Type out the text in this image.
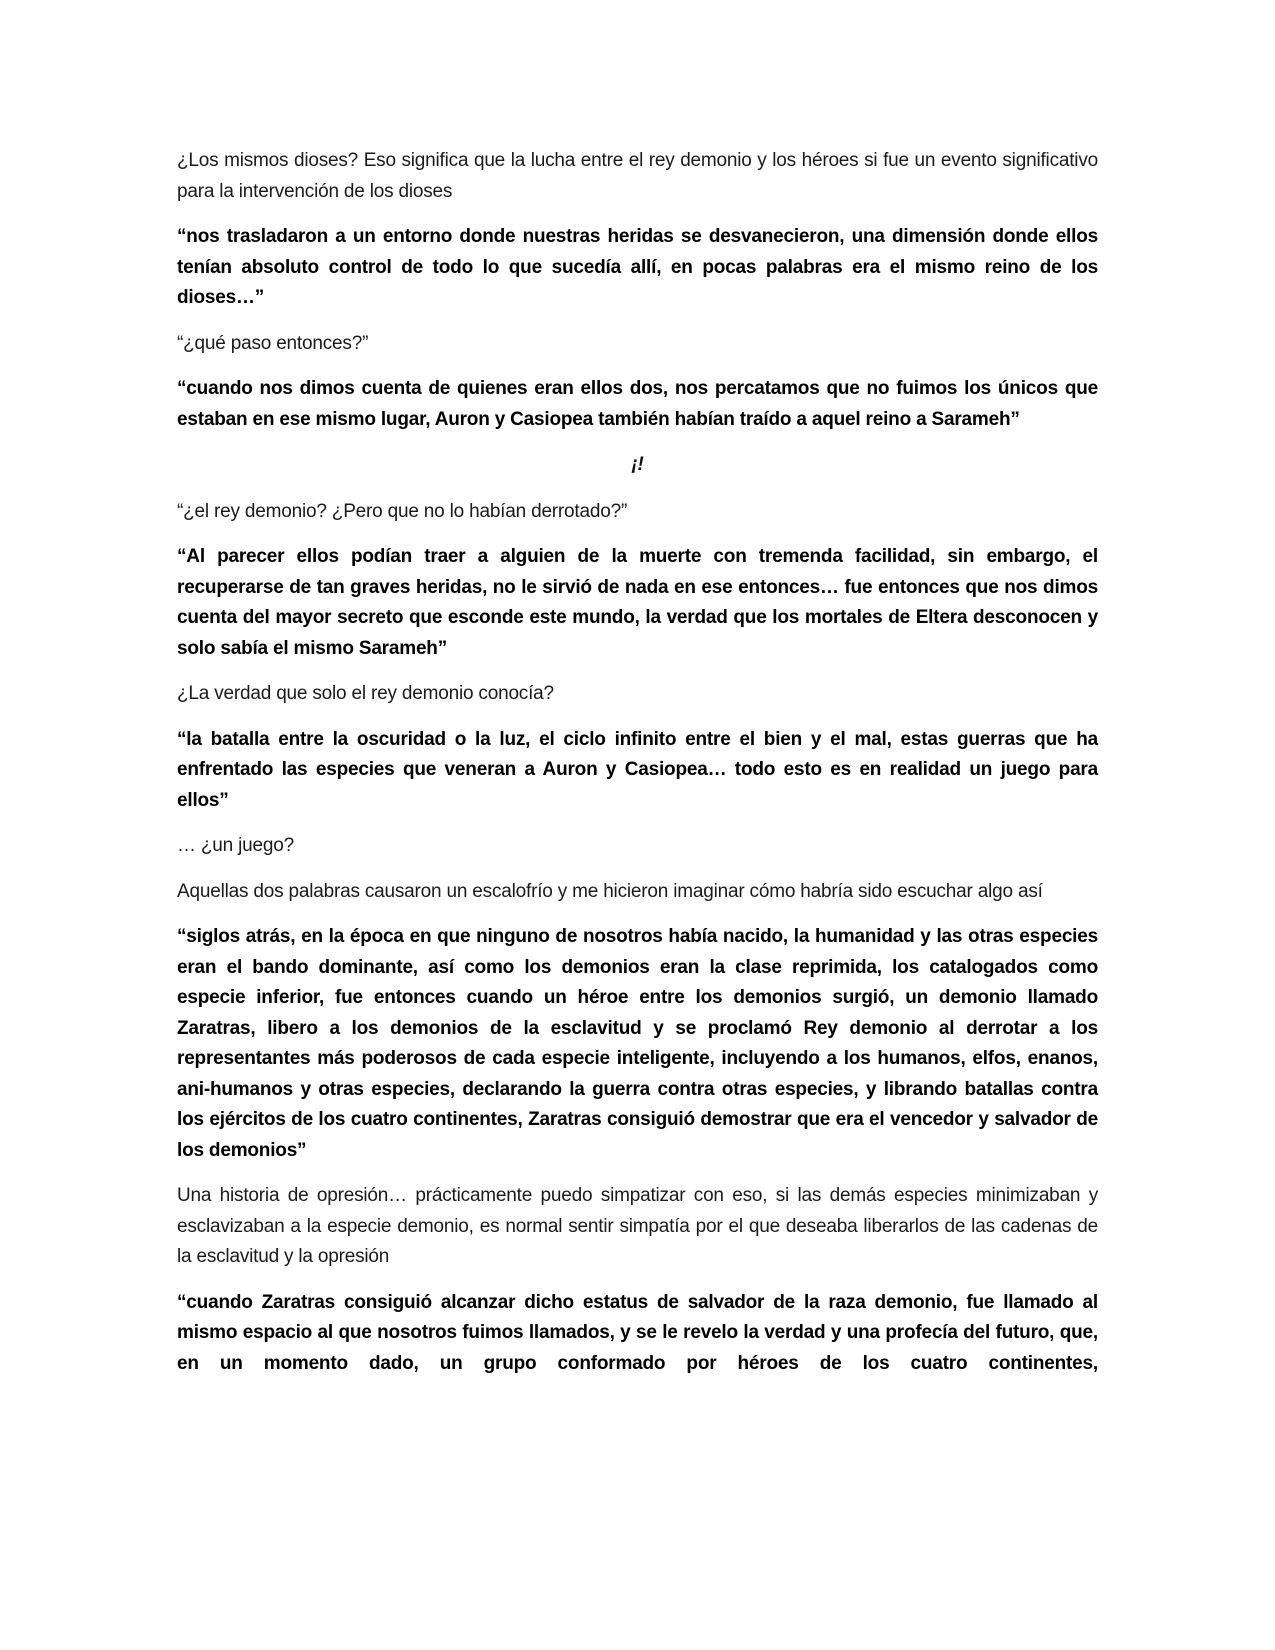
¿Los mismos dioses? Eso significa que la lucha entre el rey demonio y los héroes si fue un evento significativo para la intervención de los dioses

“nos trasladaron a un entorno donde nuestras heridas se desvanecieron, una dimensión donde ellos tenían absoluto control de todo lo que sucedía allí, en pocas palabras era el mismo reino de los dioses…”

“¿qué paso entonces?”

“cuando nos dimos cuenta de quienes eran ellos dos, nos percatamos que no fuimos los únicos que estaban en ese mismo lugar, Auron y Casiopea también habían traído a aquel reino a Sarameh”

¡!

“¿el rey demonio? ¿Pero que no lo habían derrotado?”

“Al parecer ellos podían traer a alguien de la muerte con tremenda facilidad, sin embargo, el recuperarse de tan graves heridas, no le sirvió de nada en ese entonces… fue entonces que nos dimos cuenta del mayor secreto que esconde este mundo, la verdad que los mortales de Eltera desconocen y solo sabía el mismo Sarameh”

¿La verdad que solo el rey demonio conocía?

“la batalla entre la oscuridad o la luz, el ciclo infinito entre el bien y el mal, estas guerras que ha enfrentado las especies que veneran a Auron y Casiopea… todo esto es en realidad un juego para ellos”

… ¿un juego?

Aquellas dos palabras causaron un escalofrío y me hicieron imaginar cómo habría sido escuchar algo así

“siglos atrás, en la época en que ninguno de nosotros había nacido, la humanidad y las otras especies eran el bando dominante, así como los demonios eran la clase reprimida, los catalogados como especie inferior, fue entonces cuando un héroe entre los demonios surgió, un demonio llamado Zaratras, libero a los demonios de la esclavitud y se proclamó Rey demonio al derrotar a los representantes más poderosos de cada especie inteligente, incluyendo a los humanos, elfos, enanos, ani-humanos y otras especies, declarando la guerra contra otras especies, y librando batallas contra los ejércitos de los cuatro continentes, Zaratras consiguió demostrar que era el vencedor y salvador de los demonios”

Una historia de opresión… prácticamente puedo simpatizar con eso, si las demás especies minimizaban y esclavizaban a la especie demonio, es normal sentir simpatía por el que deseaba liberarlos de las cadenas de la esclavitud y la opresión

“cuando Zaratras consiguió alcanzar dicho estatus de salvador de la raza demonio, fue llamado al mismo espacio al que nosotros fuimos llamados, y se le revelo la verdad y una profecía del futuro, que, en un momento dado, un grupo conformado por héroes de los cuatro continentes,
